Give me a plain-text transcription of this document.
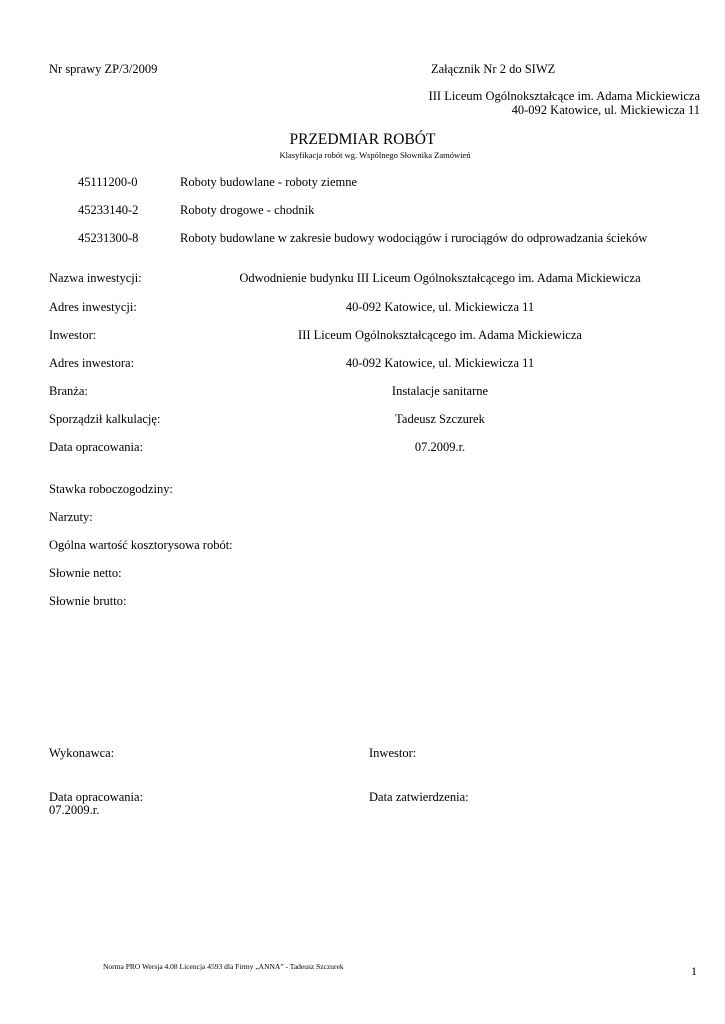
Nr sprawy ZP/3/2009	Załącznik Nr 2 do SIWZ
III Liceum Ogólnokształcące im. Adama Mickiewicza
40-092 Katowice, ul. Mickiewicza 11
PRZEDMIAR ROBÓT
Klasyfikacja robót wg. Wspólnego Słownika Zamówień
45111200-0	Roboty budowlane - roboty ziemne
45233140-2	Roboty drogowe - chodnik
45231300-8	Roboty budowlane w zakresie budowy wodociągów i rurociągów do odprowadzania ścieków
Nazwa inwestycji:	Odwodnienie budynku III Liceum Ogólnokształcącego im. Adama Mickiewicza
Adres inwestycji:	40-092 Katowice, ul. Mickiewicza 11
Inwestor:	III Liceum Ogólnokształcącego im. Adama Mickiewicza
Adres inwestora:	40-092 Katowice, ul. Mickiewicza 11
Branża:	Instalacje sanitarne
Sporządził kalkulację:	Tadeusz Szczurek
Data opracowania:	07.2009.r.
Stawka roboczogodziny:
Narzuty:
Ogólna wartość kosztorysowa robót:
Słownie netto:
Słownie brutto:
Wykonawca:	Inwestor:
Data opracowania:
07.2009.r.
Data zatwierdzenia:
Norma PRO Wersja 4.08 Licencja 4593 dla Firmy „ANNA” - Tadeusz Szczurek	1
